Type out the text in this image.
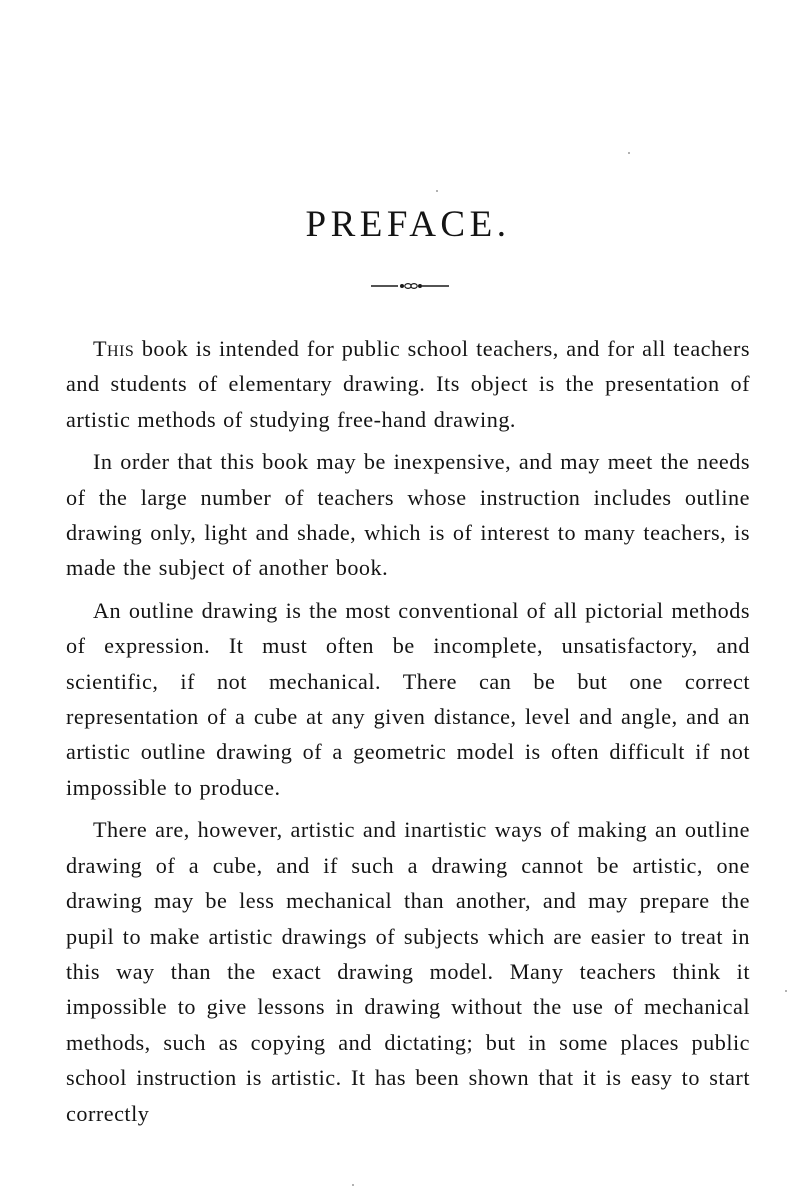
PREFACE.

This book is intended for public school teachers, and for all teachers and students of elementary drawing. Its object is the presentation of artistic methods of studying free-hand drawing.

In order that this book may be inexpensive, and may meet the needs of the large number of teachers whose instruction includes outline drawing only, light and shade, which is of interest to many teachers, is made the subject of another book.

An outline drawing is the most conventional of all pictorial methods of expression. It must often be incomplete, unsatisfactory, and scientific, if not mechanical. There can be but one correct representation of a cube at any given distance, level and angle, and an artistic outline drawing of a geometric model is often difficult if not impossible to produce.

There are, however, artistic and inartistic ways of making an outline drawing of a cube, and if such a drawing cannot be artistic, one drawing may be less mechanical than another, and may prepare the pupil to make artistic drawings of subjects which are easier to treat in this way than the exact drawing model. Many teachers think it impossible to give lessons in drawing without the use of mechanical methods, such as copying and dictating; but in some places public school instruction is artistic. It has been shown that it is easy to start correctly
